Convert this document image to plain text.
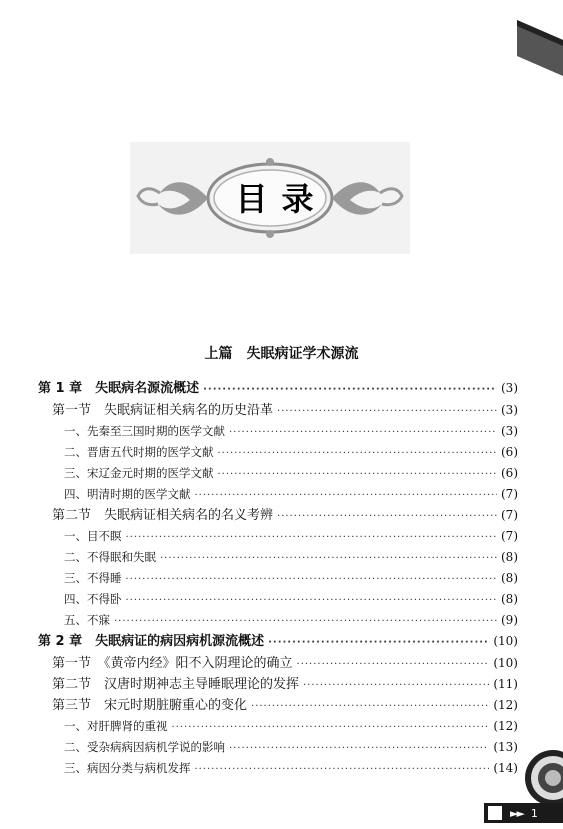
目录
上篇　失眠病证学术源流
第 1 章　失眠病名源流概述 ·····	(3)
第一节　失眠病证相关病名的历史沿革 ·····	(3)
一、先秦至三国时期的医学文献 ·····	(3)
二、晋唐五代时期的医学文献 ·····	(6)
三、宋辽金元时期的医学文献 ·····	(6)
四、明清时期的医学文献 ·····	(7)
第二节　失眠病证相关病名的名义考辨 ·····	(7)
一、目不瞑 ·····	(7)
二、不得眠和失眠 ·····	(8)
三、不得睡 ·····	(8)
四、不得卧 ·····	(8)
五、不寐 ·····	(9)
第 2 章　失眠病证的病因病机源流概述 ·····	(10)
第一节　《黄帝内经》阳不入阴理论的确立 ·····	(10)
第二节　汉唐时期神志主导睡眠理论的发挥 ·····	(11)
第三节　宋元时期脏腑重心的变化 ·····	(12)
一、对肝脾肾的重视 ·····	(12)
二、受杂病病因病机学说的影响 ·····	(13)
三、病因分类与病机发挥 ·····	(14)
►► 1
